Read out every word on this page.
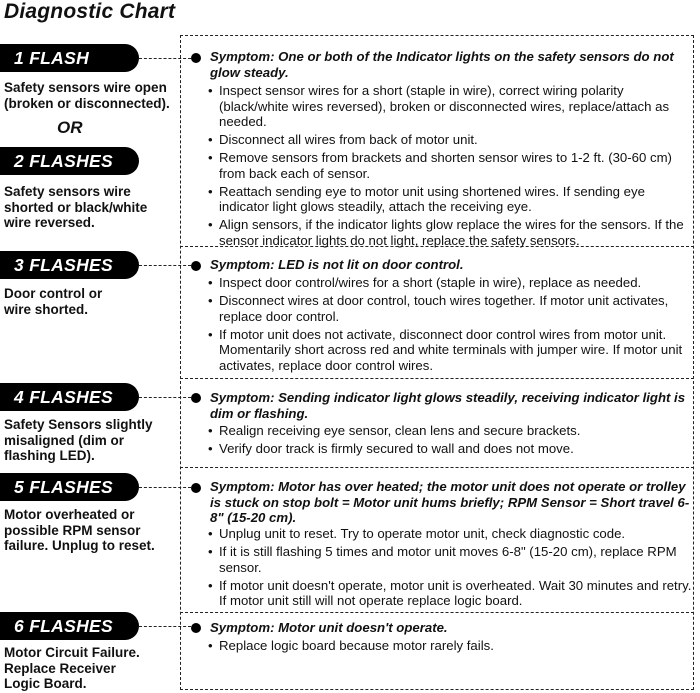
Diagnostic Chart
1 FLASH
Safety sensors wire open (broken or disconnected).
OR
2 FLASHES
Safety sensors wire shorted or black/white wire reversed.
3 FLASHES
Door control or wire shorted.
4 FLASHES
Safety Sensors slightly misaligned (dim or flashing LED).
5 FLASHES
Motor overheated or possible RPM sensor failure. Unplug to reset.
6 FLASHES
Motor Circuit Failure. Replace Receiver Logic Board.
Symptom: One or both of the Indicator lights on the safety sensors do not glow steady.
• Inspect sensor wires for a short (staple in wire), correct wiring polarity (black/white wires reversed), broken or disconnected wires, replace/attach as needed.
• Disconnect all wires from back of motor unit.
• Remove sensors from brackets and shorten sensor wires to 1-2 ft. (30-60 cm) from back each of sensor.
• Reattach sending eye to motor unit using shortened wires. If sending eye indicator light glows steadily, attach the receiving eye.
• Align sensors, if the indicator lights glow replace the wires for the sensors. If the sensor indicator lights do not light, replace the safety sensors.
Symptom: LED is not lit on door control.
• Inspect door control/wires for a short (staple in wire), replace as needed.
• Disconnect wires at door control, touch wires together. If motor unit activates, replace door control.
• If motor unit does not activate, disconnect door control wires from motor unit. Momentarily short across red and white terminals with jumper wire. If motor unit activates, replace door control wires.
Symptom: Sending indicator light glows steadily, receiving indicator light is dim or flashing.
• Realign receiving eye sensor, clean lens and secure brackets.
• Verify door track is firmly secured to wall and does not move.
Symptom: Motor has over heated; the motor unit does not operate or trolley is stuck on stop bolt = Motor unit hums briefly; RPM Sensor = Short travel 6-8" (15-20 cm).
• Unplug unit to reset. Try to operate motor unit, check diagnostic code.
• If it is still flashing 5 times and motor unit moves 6-8" (15-20 cm), replace RPM sensor.
• If motor unit doesn't operate, motor unit is overheated. Wait 30 minutes and retry. If motor unit still will not operate replace logic board.
Symptom: Motor unit doesn't operate.
• Replace logic board because motor rarely fails.
